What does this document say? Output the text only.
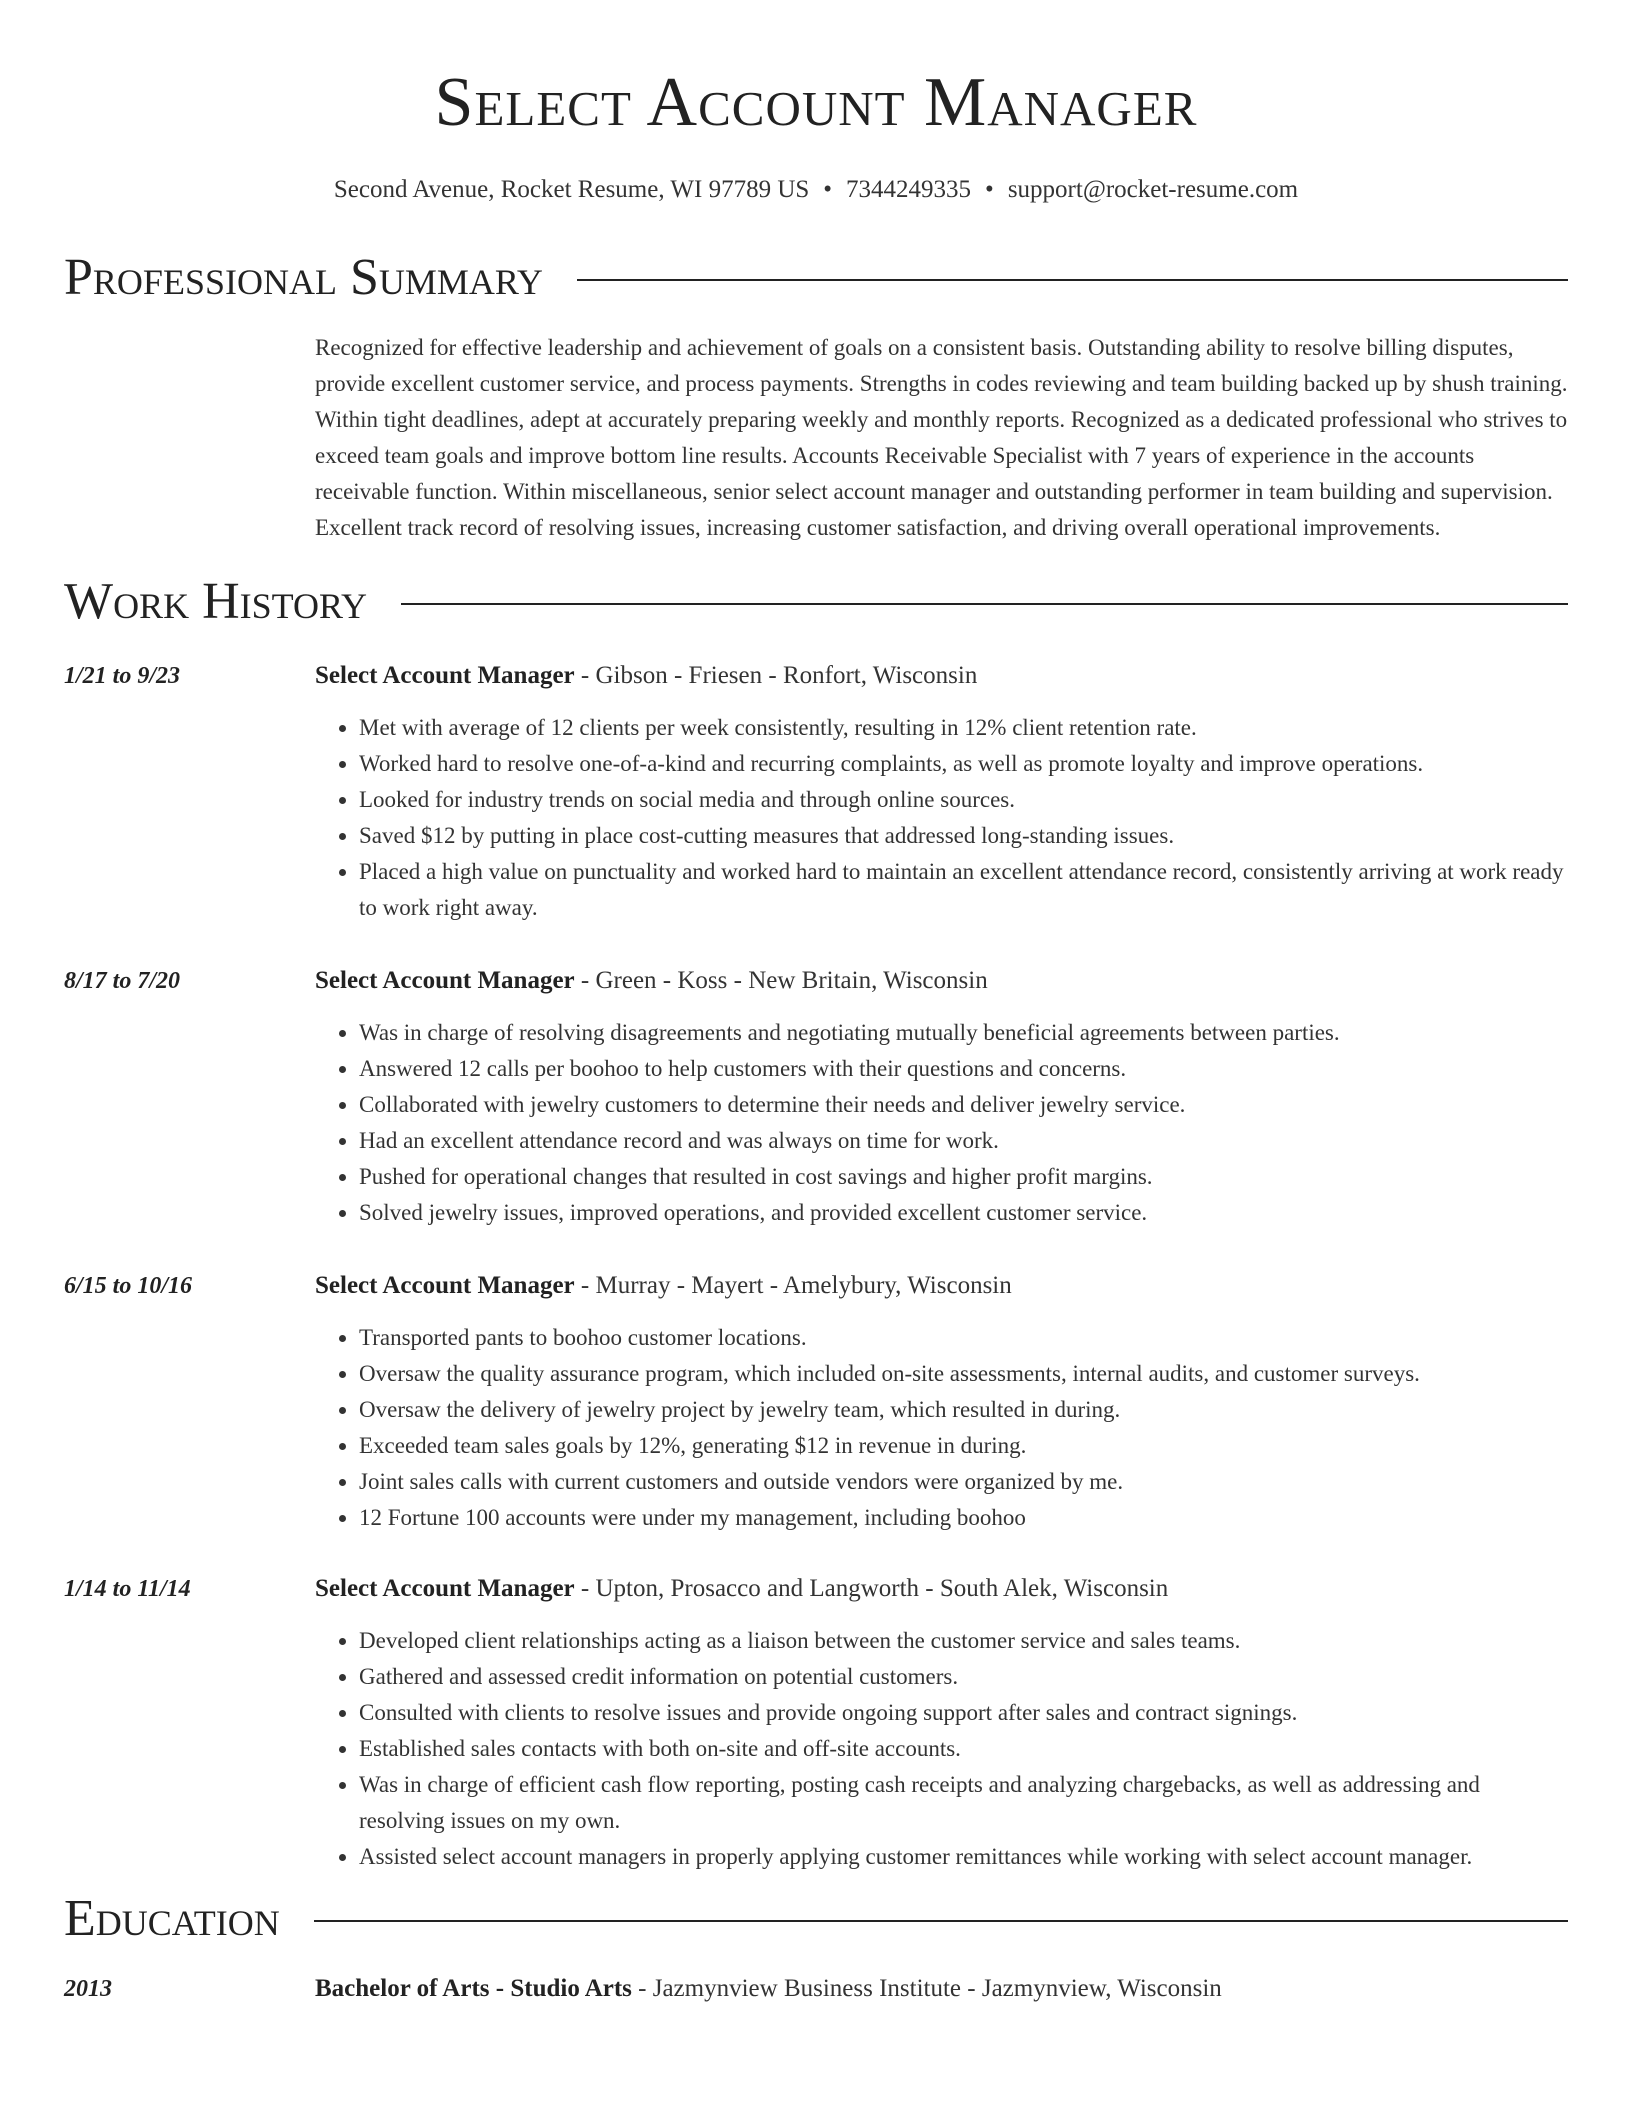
Select Account Manager
Second Avenue, Rocket Resume, WI 97789 US • 7344249335 • support@rocket-resume.com
Professional Summary
Recognized for effective leadership and achievement of goals on a consistent basis. Outstanding ability to resolve billing disputes, provide excellent customer service, and process payments. Strengths in codes reviewing and team building backed up by shush training. Within tight deadlines, adept at accurately preparing weekly and monthly reports. Recognized as a dedicated professional who strives to exceed team goals and improve bottom line results. Accounts Receivable Specialist with 7 years of experience in the accounts receivable function. Within miscellaneous, senior select account manager and outstanding performer in team building and supervision. Excellent track record of resolving issues, increasing customer satisfaction, and driving overall operational improvements.
Work History
1/21 to 9/23	Select Account Manager - Gibson - Friesen - Ronfort, Wisconsin
• Met with average of 12 clients per week consistently, resulting in 12% client retention rate.
• Worked hard to resolve one-of-a-kind and recurring complaints, as well as promote loyalty and improve operations.
• Looked for industry trends on social media and through online sources.
• Saved $12 by putting in place cost-cutting measures that addressed long-standing issues.
• Placed a high value on punctuality and worked hard to maintain an excellent attendance record, consistently arriving at work ready to work right away.
8/17 to 7/20	Select Account Manager - Green - Koss - New Britain, Wisconsin
• Was in charge of resolving disagreements and negotiating mutually beneficial agreements between parties.
• Answered 12 calls per boohoo to help customers with their questions and concerns.
• Collaborated with jewelry customers to determine their needs and deliver jewelry service.
• Had an excellent attendance record and was always on time for work.
• Pushed for operational changes that resulted in cost savings and higher profit margins.
• Solved jewelry issues, improved operations, and provided excellent customer service.
6/15 to 10/16	Select Account Manager - Murray - Mayert - Amelybury, Wisconsin
• Transported pants to boohoo customer locations.
• Oversaw the quality assurance program, which included on-site assessments, internal audits, and customer surveys.
• Oversaw the delivery of jewelry project by jewelry team, which resulted in during.
• Exceeded team sales goals by 12%, generating $12 in revenue in during.
• Joint sales calls with current customers and outside vendors were organized by me.
• 12 Fortune 100 accounts were under my management, including boohoo
1/14 to 11/14	Select Account Manager - Upton, Prosacco and Langworth - South Alek, Wisconsin
• Developed client relationships acting as a liaison between the customer service and sales teams.
• Gathered and assessed credit information on potential customers.
• Consulted with clients to resolve issues and provide ongoing support after sales and contract signings.
• Established sales contacts with both on-site and off-site accounts.
• Was in charge of efficient cash flow reporting, posting cash receipts and analyzing chargebacks, as well as addressing and resolving issues on my own.
• Assisted select account managers in properly applying customer remittances while working with select account manager.
Education
2013	Bachelor of Arts - Studio Arts - Jazmynview Business Institute - Jazmynview, Wisconsin
